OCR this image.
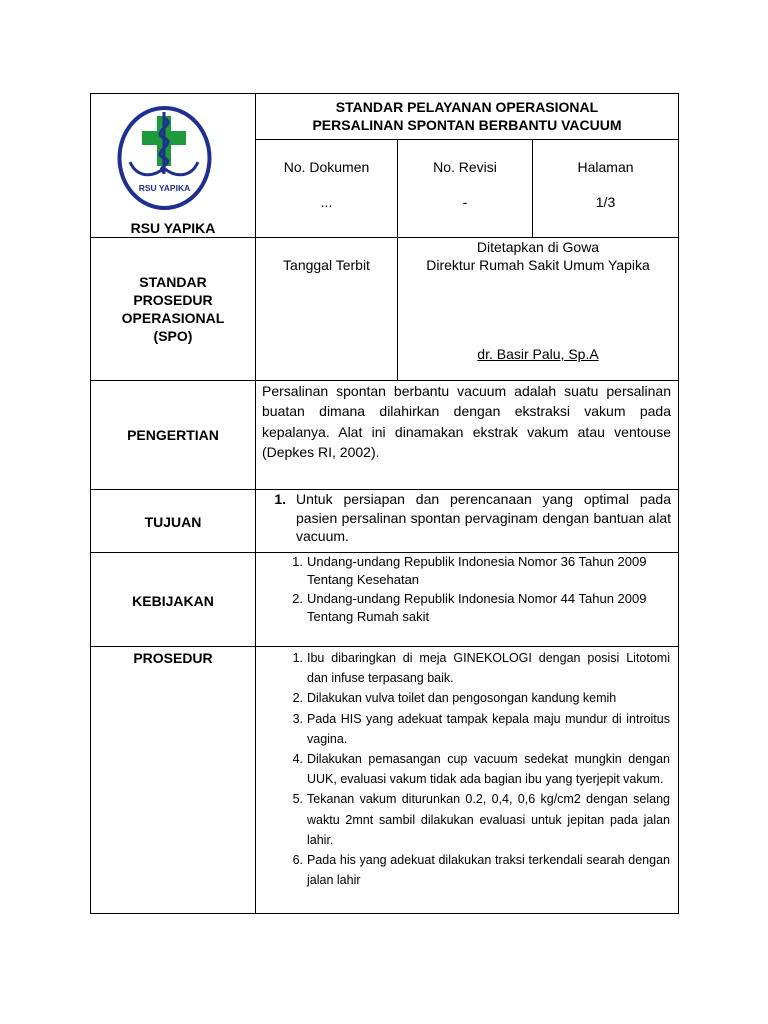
RSU YAPIKA
RSU YAPIKA
STANDAR PELAYANAN OPERASIONAL
PERSALINAN SPONTAN BERBANTU VACUUM
No. Dokumen
...
No. Revisi
-
Halaman
1/3
STANDAR
PROSEDUR
OPERASIONAL
(SPO)
Tanggal Terbit
Ditetapkan di Gowa
Direktur Rumah Sakit Umum Yapika
dr. Basir Palu, Sp.A
PENGERTIAN
Persalinan spontan berbantu vacuum adalah suatu persalinan buatan dimana dilahirkan dengan ekstraksi vakum pada kepalanya. Alat ini dinamakan ekstrak vakum atau ventouse (Depkes RI, 2002).
TUJUAN
1. Untuk persiapan dan perencanaan yang optimal pada pasien persalinan spontan pervaginam dengan bantuan alat vacuum.
KEBIJAKAN
1. Undang-undang Republik Indonesia Nomor 36 Tahun 2009 Tentang Kesehatan
2. Undang-undang Republik Indonesia Nomor 44 Tahun 2009 Tentang Rumah sakit
PROSEDUR	1. Ibu dibaringkan di meja GINEKOLOGI dengan posisi Litotomi dan infuse terpasang baik.
2. Dilakukan vulva toilet dan pengosongan kandung kemih
3. Pada HIS yang adekuat tampak kepala maju mundur di introitus vagina.
4. Dilakukan pemasangan cup vacuum sedekat mungkin dengan UUK, evaluasi vakum tidak ada bagian ibu yang tyerjepit vakum.
5. Tekanan vakum diturunkan 0.2, 0,4, 0,6 kg/cm2 dengan selang waktu 2mnt sambil dilakukan evaluasi untuk jepitan pada jalan lahir.
6. Pada his yang adekuat dilakukan traksi terkendali searah dengan jalan lahir
